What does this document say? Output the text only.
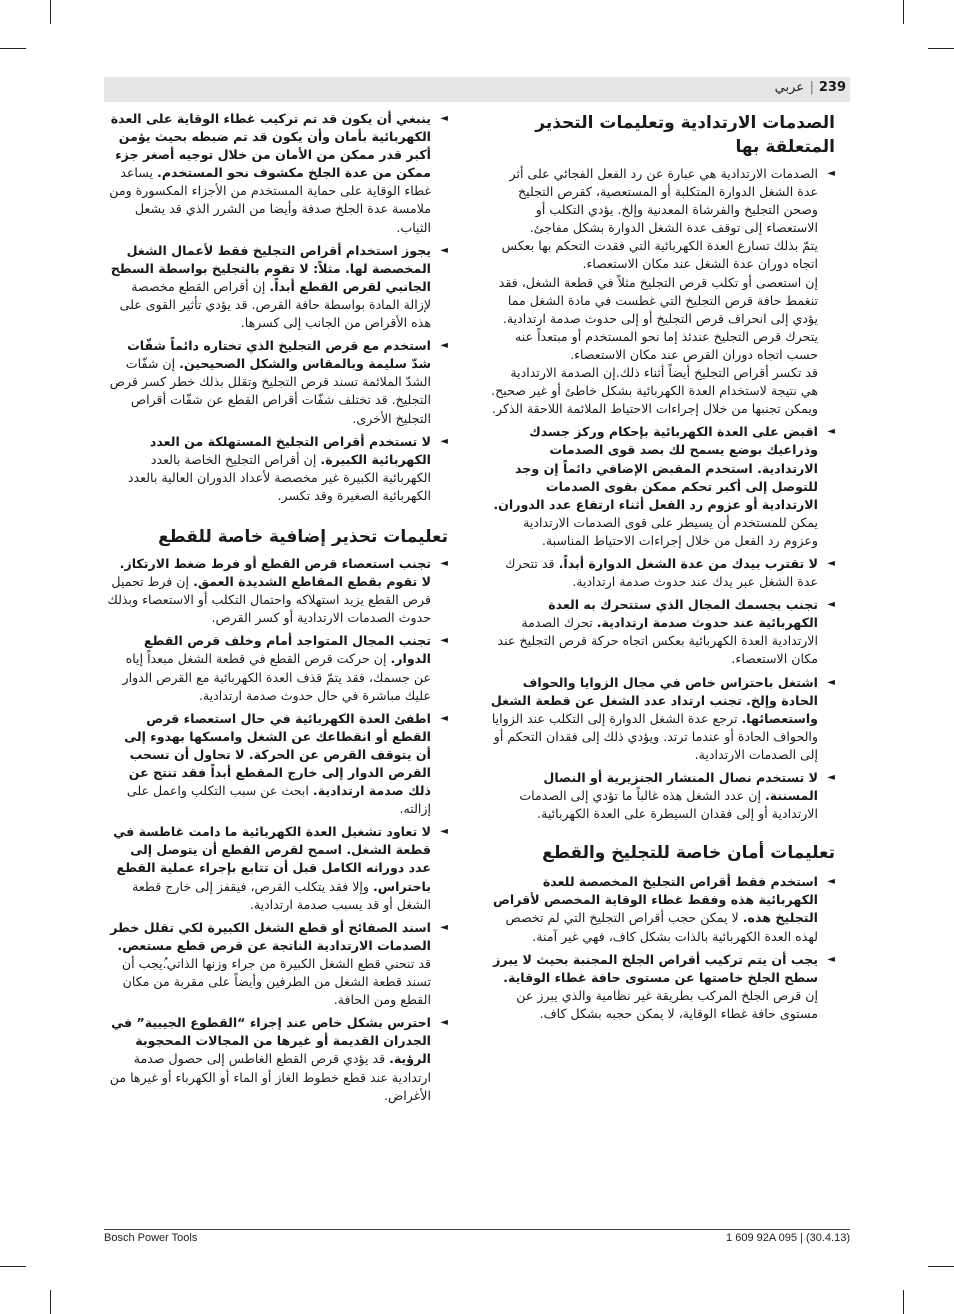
239
|
عربي
الصدمات الارتدادية وتعليمات التحذير المتعلقة بها
◄

الصدمات الارتدادية هي عبارة عن رد الفعل الفجائي على أثر عدة الشغل الدوارة المتكلبة أو المستعصية، كقرص التجليخ وصحن التجليخ والفرشاة المعدنية وإلخ. يؤدي التكلب أو الاستعصاء إلى توقف عدة الشغل الدوارة بشكل مفاجئ.

يتمّ بذلك تسارع العدة الكهربائية التي فقدت التحكم بها بعكس اتجاه دوران عدة الشغل عند مكان الاستعصاء.

إن استعصى أو تكلب قرص التجليخ مثلاً في قطعة الشغل، فقد تنغمط حافة قرص التجليخ التي غطست في مادة الشغل مما يؤدي إلى انحراف قرص التجليخ أو إلى حدوث صدمة ارتدادية. يتحرك قرص التجليخ عندئذ إما نحو المستخدم أو مبتعداً عنه حسب اتجاه دوران القرص عند مكان الاستعصاء.

قد تكسر أقراص التجليخ أيضاً أثناء ذلك.إن الصدمة الارتدادية هي نتيجة لاستخدام العدة الكهربائية بشكل خاطئ أو غير صحيح. ويمكن تجنبها من خلال إجراءات الاحتياط الملائمة اللاحقة الذكر.

◄

اقبض على العدة الكهربائية بإحكام وركز جسدك وذراعيك بوضع يسمح لك بصد قوى الصدمات الارتدادية. استخدم المقبض الإضافي دائماً إن وجد للتوصل إلى أكبر تحكم ممكن بقوى الصدمات الارتدادية أو عزوم رد الفعل أثناء ارتفاع عدد الدوران. يمكن للمستخدم أن يسيطر على قوى الصدمات الارتدادية وعزوم رد الفعل من خلال إجراءات الاحتياط المناسبة.

◄

لا تقترب بيدك من عدة الشغل الدوارة أبداً. قد تتحرك عدة الشغل عبر يدك عند حدوث صدمة ارتدادية.

◄

تجنب بجسمك المجال الذي ستتحرك به العدة الكهربائية عند حدوث صدمة ارتدادية. تحرك الصدمة الارتدادية العدة الكهربائية بعكس اتجاه حركة قرص التجليخ عند مكان الاستعصاء.

◄

اشتغل باحتراس خاص في مجال الزوايا والحواف الحادة وإلخ. تجنب ارتداد عدد الشغل عن قطعة الشغل واستعصائها. ترجع عدة الشغل الدوارة إلى التكلب عند الزوايا والحواف الحادة أو عندما ترتد. ويؤدي ذلك إلى فقدان التحكم أو إلى الصدمات الارتدادية.

◄

لا تستخدم نصال المنشار الجنزيرية أو النصال المسننة. إن عدد الشغل هذه غالباً ما تؤدي إلى الصدمات الارتدادية أو إلى فقدان السيطرة على العدة الكهربائية.

تعليمات أمان خاصة للتجليخ والقطع
◄

استخدم فقط أقراص التجليخ المخصصة للعدة الكهربائية هذه وفقط غطاء الوقاية المخصص لأقراص التجليخ هذه. لا يمكن حجب أقراص التجليخ التي لم تخصص لهذه العدة الكهربائية بالذات بشكل كاف، فهي غير آمنة.

◄

يجب أن يتم تركيب أقراص الجلخ المجنبة بحيث لا يبرز سطح الجلخ خاصتها عن مستوى حافة غطاء الوقاية. إن قرص الجلخ المركب بطريقة غير نظامية والذي يبرز عن مستوى حافة غطاء الوقاية، لا يمكن حجبه بشكل كاف.

◄

ينبغي أن يكون قد تم تركيب غطاء الوقاية على العدة الكهربائية بأمان وأن يكون قد تم ضبطه بحيث يؤمن أكبر قدر ممكن من الأمان من خلال توجيه أصغر جزء ممكن من عدة الجلخ مكشوف نحو المستخدم. يساعد غطاء الوقاية على حماية المستخدم من الأجزاء المكسورة ومن ملامسة عدة الجلخ صدفة وأيضا من الشرر الذي قد يشعل الثياب.

◄

يجوز استخدام أقراص التجليخ فقط لأعمال الشغل المخصصة لها. مثلاً: لا تقوم بالتجليخ بواسطة السطح الجانبي لقرص القطع أبداً. إن أقراص القطع مخصصة لإزالة المادة بواسطة حافة القرص. قد يؤدي تأثير القوى على هذه الأقراص من الجانب إلى كسرها.

◄

استخدم مع قرص التجليخ الذي تختاره دائماً شفّات شدّ سليمة وبالمقاس والشكل الصحيحين. إن شفّات الشدّ الملائمة تسند قرص التجليخ وتقلل بذلك خطر كسر قرص التجليخ. قد تختلف شفّات أقراص القطع عن شفّات أقراص التجليخ الأخرى.

◄

لا تستخدم أقراص التجليخ المستهلكة من العدد الكهربائية الكبيرة. إن أقراص التجليخ الخاصة بالعدد الكهربائية الكبيرة غير مخصصة لأعداد الدوران العالية بالعدد الكهربائية الصغيرة وقد تكسر.

تعليمات تحذير إضافية خاصة للقطع
◄

تجنب استعصاء قرص القطع أو فرط ضغط الارتكاز. لا تقوم بقطع المقاطع الشديدة العمق. إن فرط تحميل قرص القطع يزيد استهلاكه واحتمال التكلب أو الاستعصاء وبذلك حدوث الصدمات الارتدادية أو كسر القرص.

◄

تجنب المجال المتواجد أمام وخلف قرص القطع الدوار. إن حركت قرص القطع في قطعة الشغل مبعداً إياه عن جسمك، فقد يتمّ قذف العدة الكهربائية مع القرص الدوار عليك مباشرة في حال حدوث صدمة ارتدادية.

◄

اطفئ العدة الكهربائية في حال استعصاء قرص القطع أو انقطاعك عن الشغل وامسكها بهدوء إلى أن يتوقف القرص عن الحركة. لا تحاول أن تسحب القرص الدوار إلى خارج المقطع أبداً فقد تنتج عن ذلك صدمة ارتدادية. ابحث عن سبب التكلب واعمل على إزالته.

◄

لا تعاود تشغيل العدة الكهربائية ما دامت غاطسة في قطعة الشغل. اسمح لقرص القطع أن يتوصل إلى عدد دورانه الكامل قبل أن تتابع بإجراء عملية القطع باحتراس. وإلا فقد يتكلب القرص، فيقفز إلى خارج قطعة الشغل أو قد يسبب صدمة ارتدادية.

◄

اسند الصفائح أو قطع الشغل الكبيرة لكي تقلل خطر الصدمات الارتدادية الناتجة عن قرص قطع مستعص. قد تنحني قطع الشغل الكبيرة من جراء وزنها الذاتي.ُيجب أن تسند قطعة الشغل من الطرفين وأيضاً على مقربة من مكان القطع ومن الحافة.

◄

احترس بشكل خاص عند إجراء “القطوع الجيبية” في الجدران القديمة أو غيرها من المجالات المحجوبة الرؤية. قد يؤدي قرص القطع الغاطس إلى حصول صدمة ارتدادية عند قطع خطوط الغاز أو الماء أو الكهرباء أو غيرها من الأغراض.

Bosch Power Tools	1 609 92A 095 | (30.4.13)
